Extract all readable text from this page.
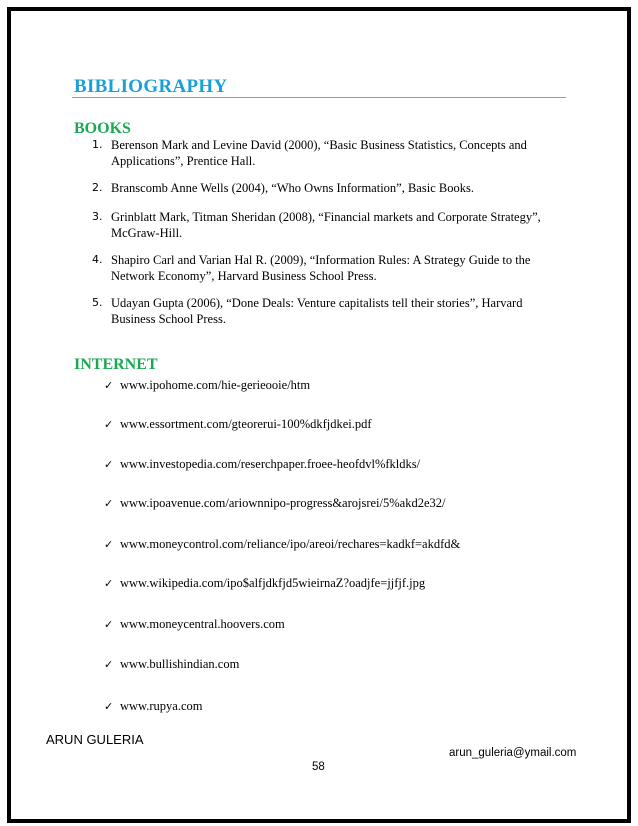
BIBLIOGRAPHY
BOOKS
1. Berenson Mark and Levine David (2000), “Basic Business Statistics, Concepts and
Applications”, Prentice Hall.
2. Branscomb Anne Wells (2004), “Who Owns Information”, Basic Books.
3. Grinblatt Mark, Titman Sheridan (2008), “Financial markets and Corporate Strategy”,
McGraw-Hill.
4. Shapiro Carl and Varian Hal R. (2009), “Information Rules: A Strategy Guide to the
Network Economy”, Harvard Business School Press.
5. Udayan Gupta (2006), “Done Deals: Venture capitalists tell their stories”, Harvard
Business School Press.
INTERNET
✓ www.ipohome.com/hie-gerieooie/htm
✓ www.essortment.com/gteorerui-100%dkfjdkei.pdf
✓ www.investopedia.com/reserchpaper.froee-heofdvl%fkldks/
✓ www.ipoavenue.com/ariownnipo-progress&arojsrei/5%akd2e32/
✓ www.moneycontrol.com/reliance/ipo/areoi/rechares=kadkf=akdfd&
✓ www.wikipedia.com/ipo$alfjdkfjd5wieirnaZ?oadjfe=jjfjf.jpg
✓ www.moneycentral.hoovers.com
✓ www.bullishindian.com
✓ www.rupya.com
ARUN GULERIA
arun_guleria@ymail.com
58
